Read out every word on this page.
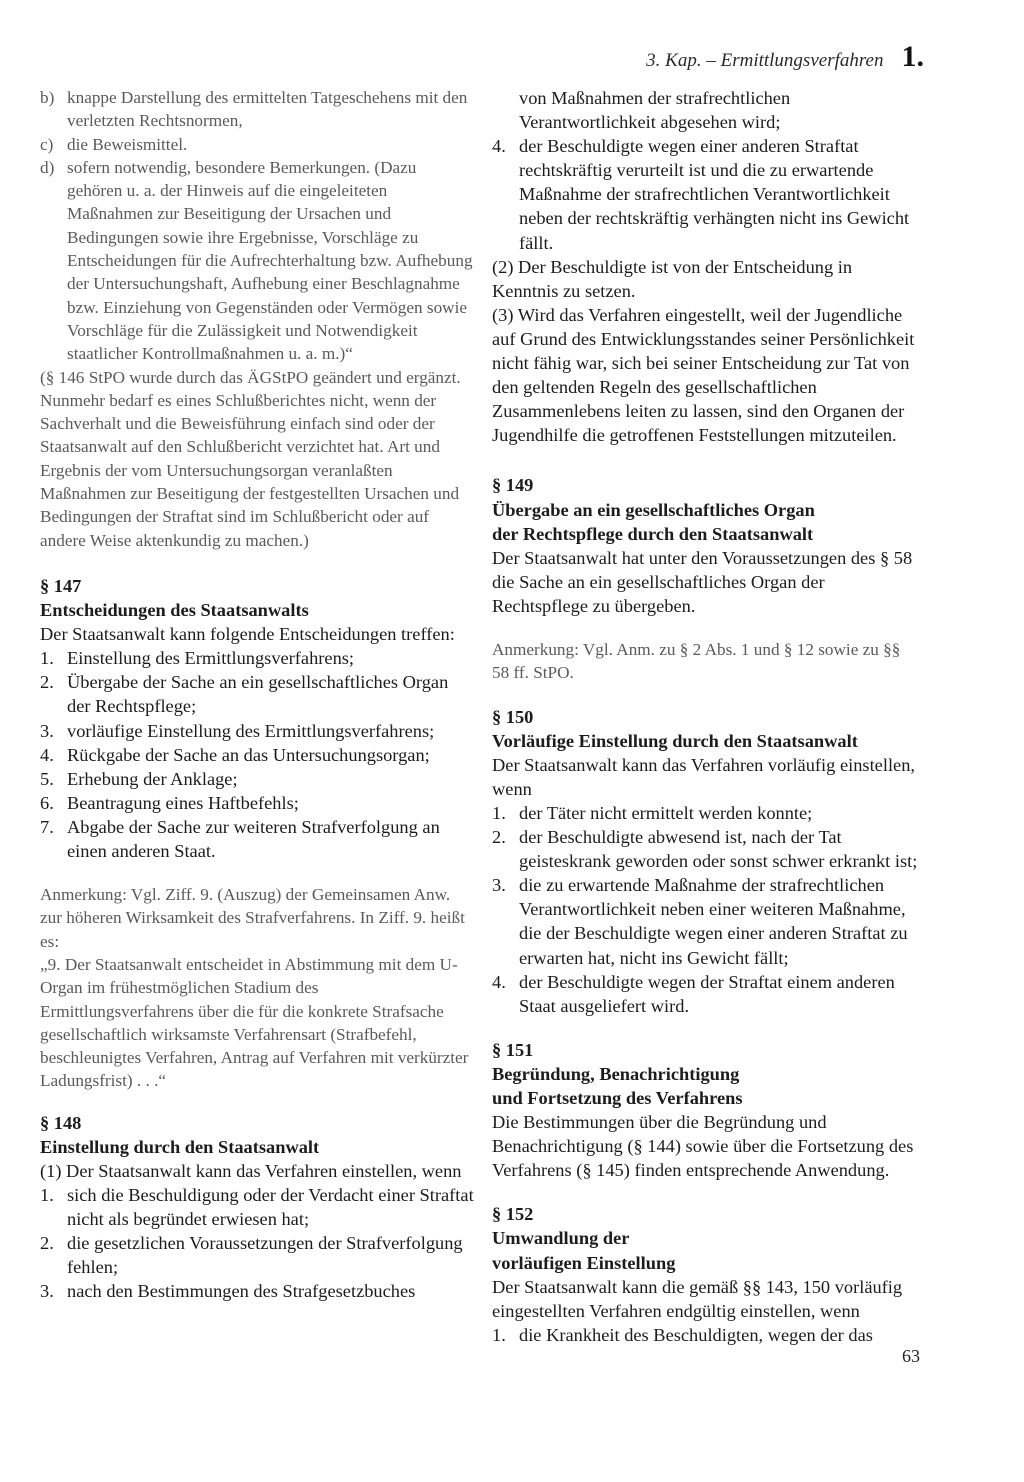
3. Kap. – Ermittlungsverfahren 1.
b) knappe Darstellung des ermittelten Tatgeschehens mit den verletzten Rechtsnormen,
c) die Beweismittel.
d) sofern notwendig, besondere Bemerkungen. (Dazu gehören u. a. der Hinweis auf die eingeleiteten Maßnahmen zur Beseitigung der Ursachen und Bedingungen sowie ihre Ergebnisse, Vorschläge zu Entscheidungen für die Aufrechterhaltung bzw. Aufhebung der Untersuchungshaft, Aufhebung einer Beschlagnahme bzw. Einziehung von Gegenständen oder Vermögen sowie Vorschläge für die Zulässigkeit und Notwendigkeit staatlicher Kontrollmaßnahmen u. a. m.)“

(§ 146 StPO wurde durch das ÄGStPO geändert und ergänzt. Nunmehr bedarf es eines Schlußberichtes nicht, wenn der Sachverhalt und die Beweisführung einfach sind oder der Staatsanwalt auf den Schlußbericht verzichtet hat. Art und Ergebnis der vom Untersuchungsorgan veranlaßten Maßnahmen zur Beseitigung der festgestellten Ursachen und Bedingungen der Straftat sind im Schlußbericht oder auf andere Weise aktenkundig zu machen.)

§ 147

Entscheidungen des Staatsanwalts

Der Staatsanwalt kann folgende Entscheidungen treffen:

1. Einstellung des Ermittlungsverfahrens;
2. Übergabe der Sache an ein gesellschaftliches Organ der Rechtspflege;
3. vorläufige Einstellung des Ermittlungsverfahrens;
4. Rückgabe der Sache an das Untersuchungsorgan;
5. Erhebung der Anklage;
6. Beantragung eines Haftbefehls;
7. Abgabe der Sache zur weiteren Strafverfolgung an einen anderen Staat.

Anmerkung: Vgl. Ziff. 9. (Auszug) der Gemeinsamen Anw. zur höheren Wirksamkeit des Strafverfahrens. In Ziff. 9. heißt es:

„9. Der Staatsanwalt entscheidet in Abstimmung mit dem U-Organ im frühestmöglichen Stadium des Ermittlungsverfahrens über die für die konkrete Strafsache gesellschaftlich wirksamste Verfahrensart (Strafbefehl, beschleunigtes Verfahren, Antrag auf Verfahren mit verkürzter Ladungsfrist) . . .“

§ 148

Einstellung durch den Staatsanwalt

(1) Der Staatsanwalt kann das Verfahren einstellen, wenn

1. sich die Beschuldigung oder der Verdacht einer Straftat nicht als begründet erwiesen hat;
2. die gesetzlichen Voraussetzungen der Strafverfolgung fehlen;
3. nach den Bestimmungen des Strafgesetzbuches
von Maßnahmen der strafrechtlichen Verantwortlichkeit abgesehen wird;
4. der Beschuldigte wegen einer anderen Straftat rechtskräftig verurteilt ist und die zu erwartende Maßnahme der strafrechtlichen Verantwortlichkeit neben der rechtskräftig verhängten nicht ins Gewicht fällt.

(2) Der Beschuldigte ist von der Entscheidung in Kenntnis zu setzen.

(3) Wird das Verfahren eingestellt, weil der Jugendliche auf Grund des Entwicklungsstandes seiner Persönlichkeit nicht fähig war, sich bei seiner Entscheidung zur Tat von den geltenden Regeln des gesellschaftlichen Zusammenlebens leiten zu lassen, sind den Organen der Jugendhilfe die getroffenen Feststellungen mitzuteilen.

§ 149

Übergabe an ein gesellschaftliches Organ

der Rechtspflege durch den Staatsanwalt

Der Staatsanwalt hat unter den Voraussetzungen des § 58 die Sache an ein gesellschaftliches Organ der Rechtspflege zu übergeben.

Anmerkung: Vgl. Anm. zu § 2 Abs. 1 und § 12 sowie zu §§ 58 ff. StPO.

§ 150

Vorläufige Einstellung durch den Staatsanwalt

Der Staatsanwalt kann das Verfahren vorläufig einstellen, wenn

1. der Täter nicht ermittelt werden konnte;
2. der Beschuldigte abwesend ist, nach der Tat geisteskrank geworden oder sonst schwer erkrankt ist;
3. die zu erwartende Maßnahme der strafrechtlichen Verantwortlichkeit neben einer weiteren Maßnahme, die der Beschuldigte wegen einer anderen Straftat zu erwarten hat, nicht ins Gewicht fällt;
4. der Beschuldigte wegen der Straftat einem anderen Staat ausgeliefert wird.

§ 151

Begründung, Benachrichtigung

und Fortsetzung des Verfahrens

Die Bestimmungen über die Begründung und Benachrichtigung (§ 144) sowie über die Fortsetzung des Verfahrens (§ 145) finden entsprechende Anwendung.

§ 152

Umwandlung der

vorläufigen Einstellung

Der Staatsanwalt kann die gemäß §§ 143, 150 vorläufig eingestellten Verfahren endgültig einstellen, wenn

1. die Krankheit des Beschuldigten, wegen der das
63
